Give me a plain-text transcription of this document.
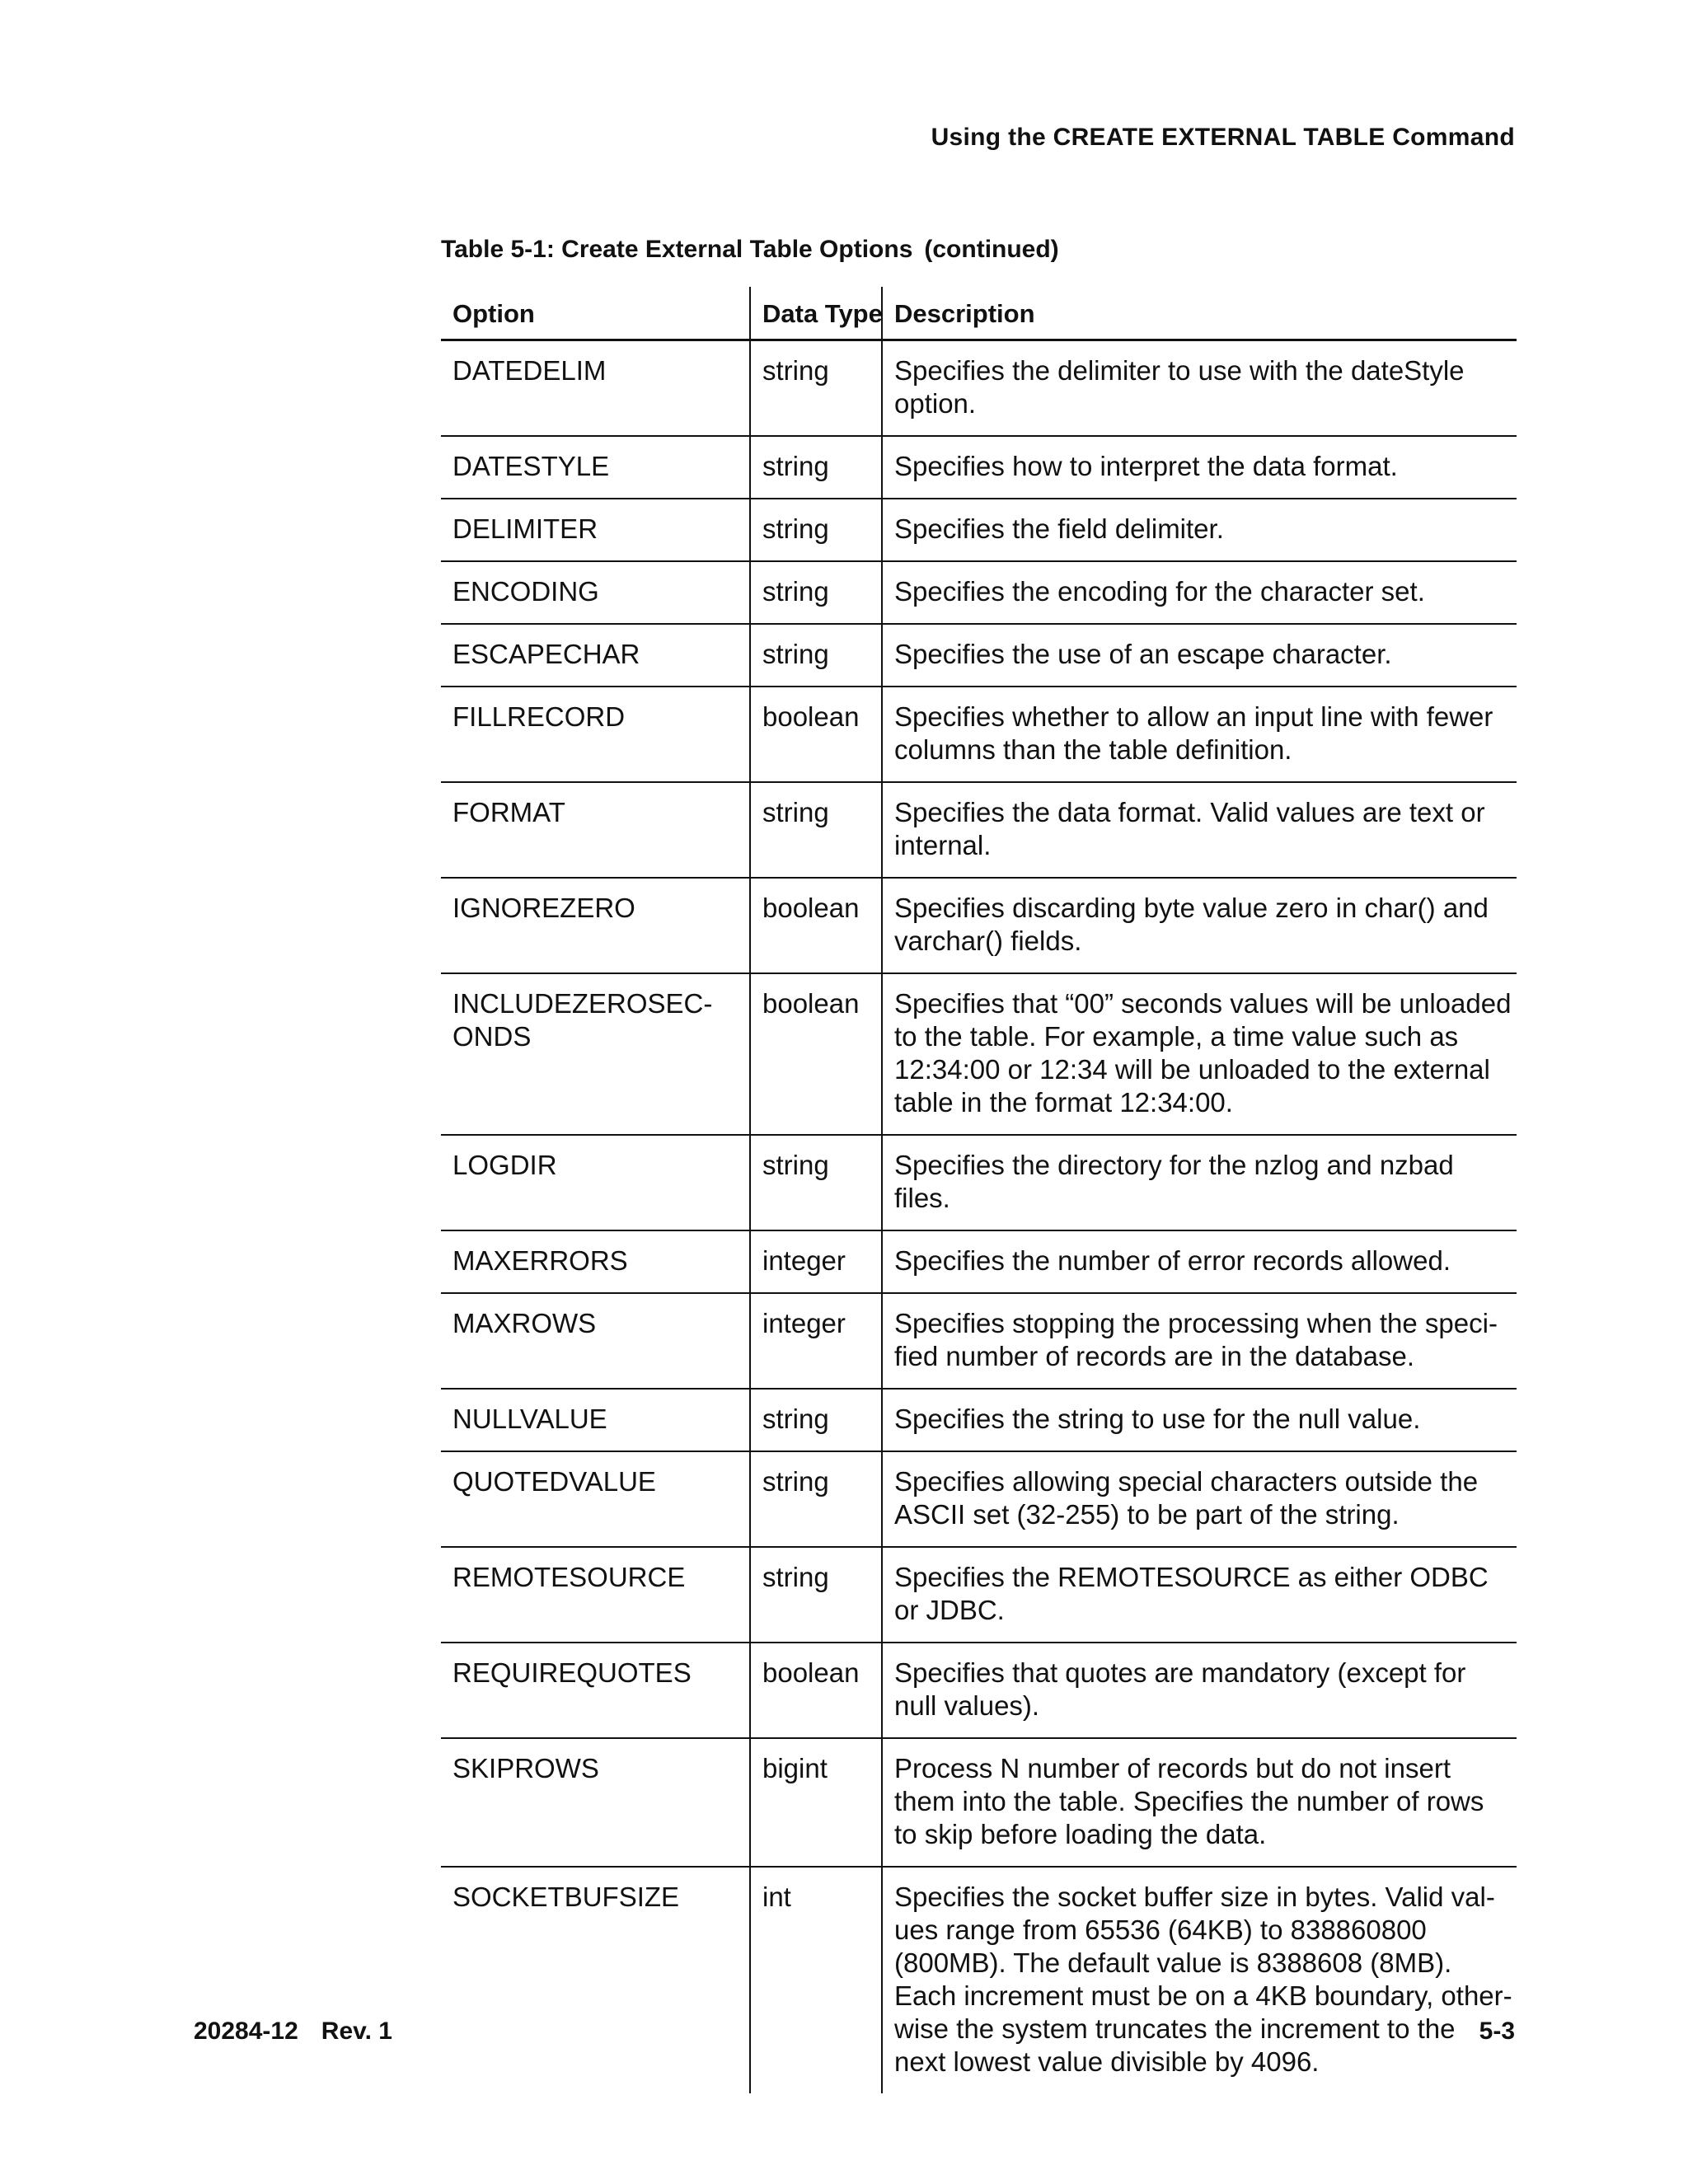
Using the CREATE EXTERNAL TABLE Command
Table 5-1: Create External Table Options (continued)
Option	Data Type	Description
DATEDELIM	string	Specifies the delimiter to use with the dateStyle option.
DATESTYLE	string	Specifies how to interpret the data format.
DELIMITER	string	Specifies the field delimiter.
ENCODING	string	Specifies the encoding for the character set.
ESCAPECHAR	string	Specifies the use of an escape character.
FILLRECORD	boolean	Specifies whether to allow an input line with fewer columns than the table definition.
FORMAT	string	Specifies the data format. Valid values are text or internal.
IGNOREZERO	boolean	Specifies discarding byte value zero in char() and varchar() fields.

INCLUDEZEROSEC-
ONDS	boolean	Specifies that “00” seconds values will be unloaded to the table. For example, a time value such as 12:34:00 or 12:34 will be unloaded to the external table in the format 12:34:00.
LOGDIR	string	Specifies the directory for the nzlog and nzbad files.
MAXERRORS	integer	Specifies the number of error records allowed.
MAXROWS	integer	Specifies stopping the processing when the speci-fied number of records are in the database.
NULLVALUE	string	Specifies the string to use for the null value.
QUOTEDVALUE	string	Specifies allowing special characters outside the ASCII set (32-255) to be part of the string.
REMOTESOURCE	string	Specifies the REMOTESOURCE as either ODBC or JDBC.
REQUIREQUOTES	boolean	Specifies that quotes are mandatory (except for null values).
SKIPROWS	bigint	Process N number of records but do not insert them into the table. Specifies the number of rows to skip before loading the data.
SOCKETBUFSIZE	int	Specifies the socket buffer size in bytes. Valid val-ues range from 65536 (64KB) to 838860800 (800MB). The default value is 8388608 (8MB). Each increment must be on a 4KB boundary, other-wise the system truncates the increment to the next lowest value divisible by 4096.
20284-12 Rev. 1	5-3
